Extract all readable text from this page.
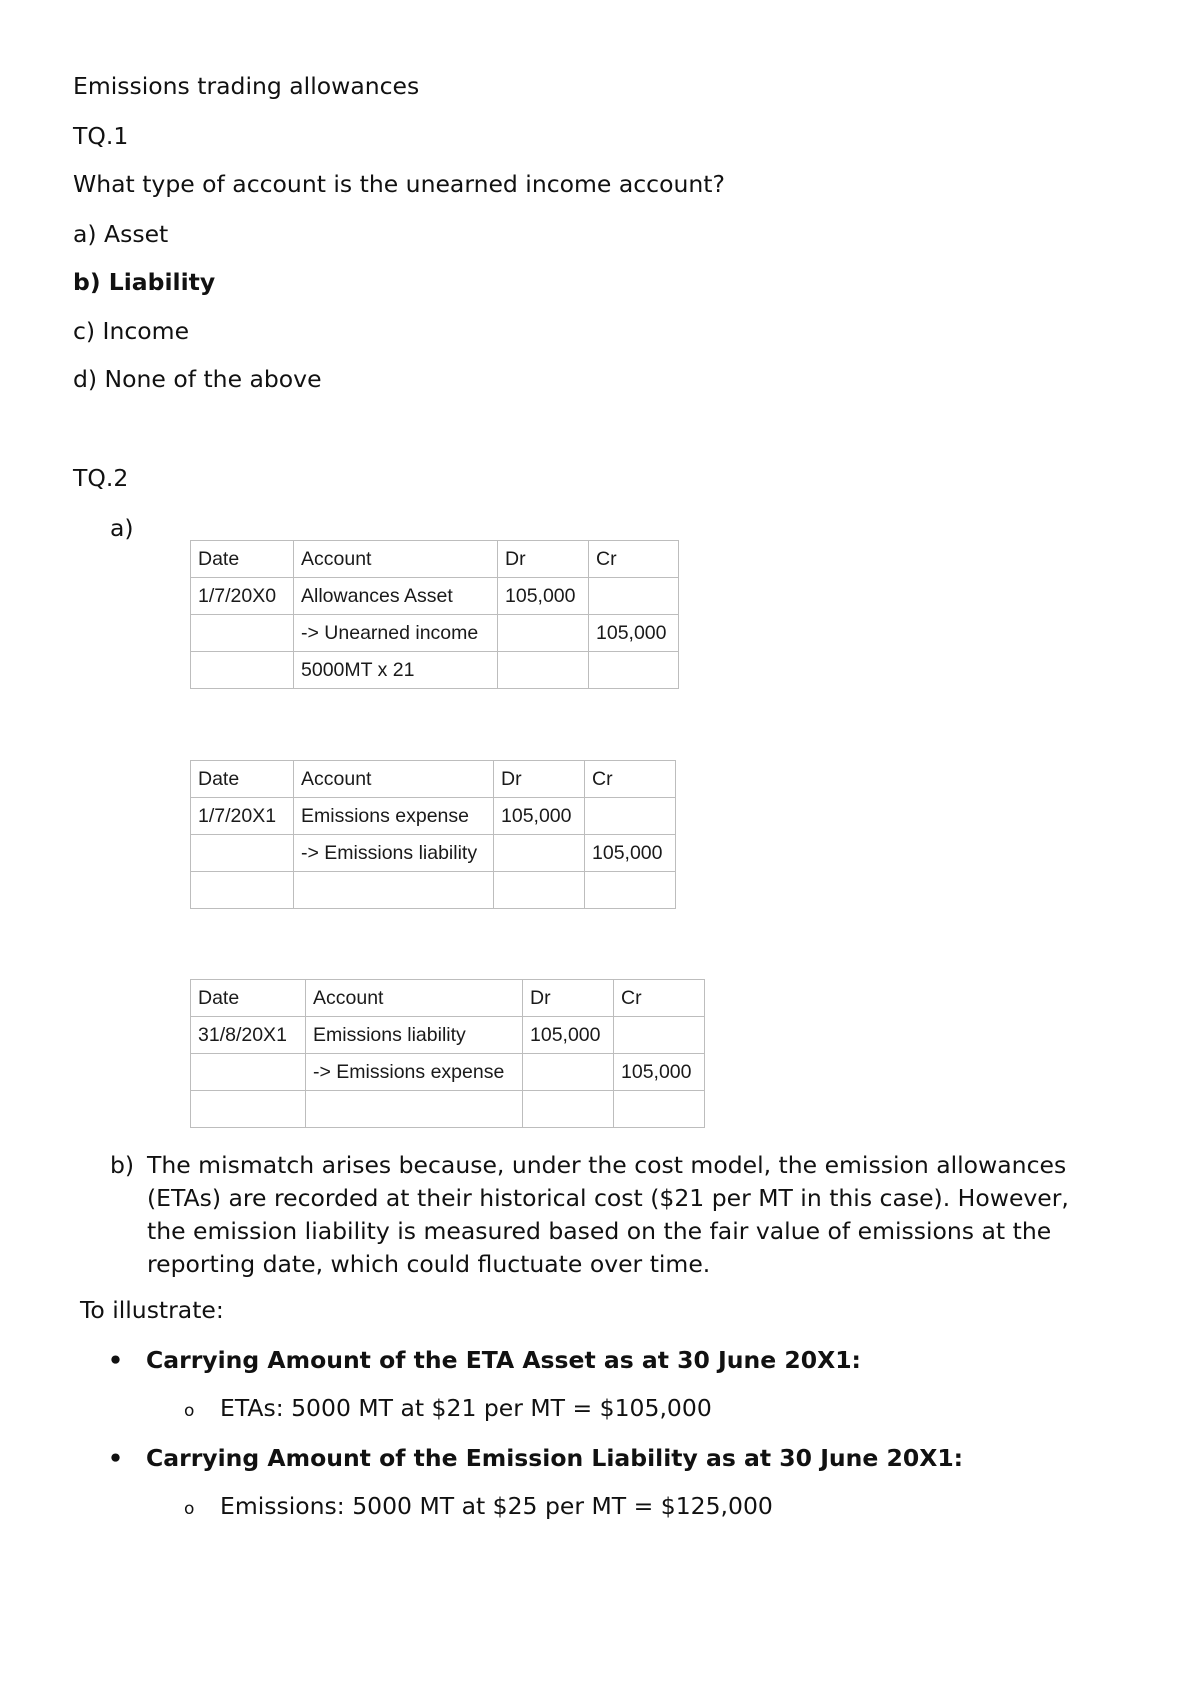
Emissions trading allowances

TQ.1

What type of account is the unearned income account?

a) Asset

b) Liability

c) Income

d) None of the above

TQ.2

a)

Date	Account	Dr	Cr
1/7/20X0	Allowances Asset	105,000	
	-> Unearned income		105,000
	5000MT x 21		
Date	Account	Dr	Cr
1/7/20X1	Emissions expense	105,000	
	-> Emissions liability		105,000

Date	Account	Dr	Cr
31/8/20X1	Emissions liability	105,000	
	-> Emissions expense		105,000

b) The mismatch arises because, under the cost model, the emission allowances (ETAs) are recorded at their historical cost ($21 per MT in this case). However, the emission liability is measured based on the fair value of emissions at the reporting date, which could fluctuate over time.

To illustrate:

• Carrying Amount of the ETA Asset as at 30 June 20X1:
o ETAs: 5000 MT at $21 per MT = $105,000
• Carrying Amount of the Emission Liability as at 30 June 20X1:
o Emissions: 5000 MT at $25 per MT = $125,000
